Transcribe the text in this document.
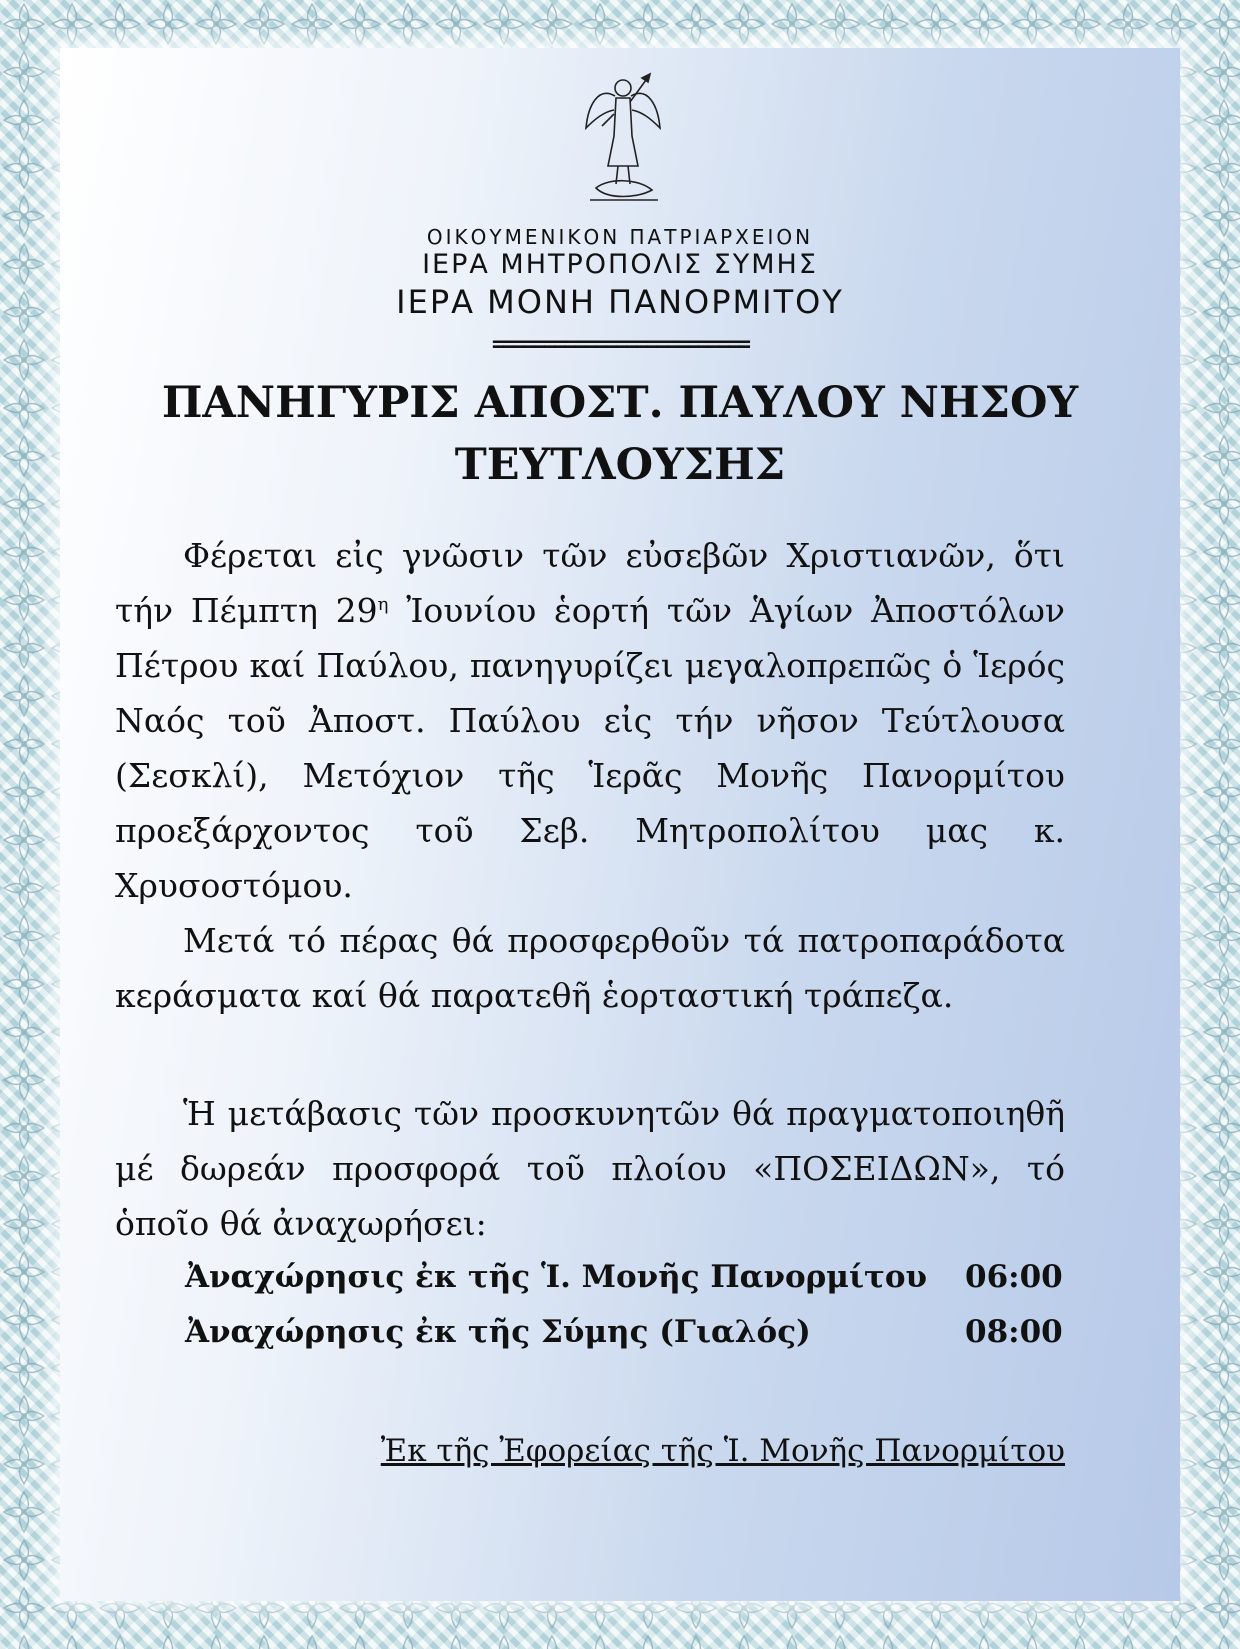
ΟΙΚΟΥΜΕΝΙΚΟΝ ΠΑΤΡΙΑΡΧΕΙΟΝ
ΙΕΡΑ ΜΗΤΡΟΠΟΛΙΣ ΣΥΜΗΣ
ΙΕΡΑ ΜΟΝΗ ΠΑΝΟΡΜΙΤΟΥ
=========================
ΠΑΝΗΓΥΡΙΣ ΑΠΟΣΤ. ΠΑΥΛΟΥ ΝΗΣΟΥ
ΤΕΥΤΛΟΥΣΗΣ
Φέρεται εἰς γνῶσιν τῶν εὐσεβῶν Χριστιανῶν, ὅτι τήν Πέμπτη $29^\eta$ Ἰουνίου ἑορτή τῶν Ἁγίων Ἀποστόλων Πέτρου καί Παύλου, πανηγυρίζει μεγαλοπρεπῶς ὁ Ἱερός Ναός τοῦ Ἀποστ. Παύλου εἰς τήν νῆσον Τεύτλουσα (Σεσκλί), Μετόχιον τῆς Ἱερᾶς Μονῆς Πανορμίτου προεξάρχοντος τοῦ Σεβ. Μητροπολίτου μας κ. Χρυσοστόμου.
Μετά τό πέρας θά προσφερθοῦν τά πατροπαράδοτα κεράσματα καί θά παρατεθῆ ἑορταστική τράπεζα.
Ἡ μετάβασις τῶν προσκυνητῶν θά πραγματοποιηθῆ μέ δωρεάν προσφορά τοῦ πλοίου «ΠΟΣΕΙΔΩΝ», τό ὁποῖο θά ἀναχωρήσει:
Ἀναχώρησις ἐκ τῆς Ἱ. Μονῆς Πανορμίτου 06:00
Ἀναχώρησις ἐκ τῆς Σύμης (Γιαλός)	08:00
Ἐκ τῆς Ἐφορείας τῆς Ἱ. Μονῆς Πανορμίτου
